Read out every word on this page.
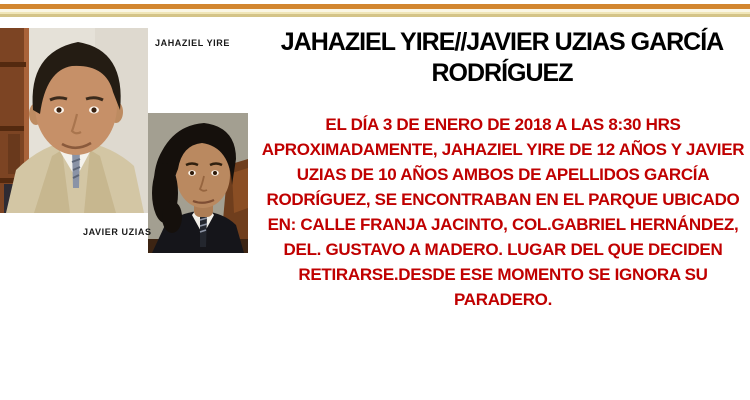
JAHAZIEL YIRE
JAVIER UZIAS
JAHAZIEL YIRE//JAVIER UZIAS GARCÍA
RODRÍGUEZ
EL DÍA 3 DE ENERO DE 2018 A LAS 8:30 HRS
APROXIMADAMENTE, JAHAZIEL YIRE DE 12 AÑOS Y JAVIER
UZIAS DE 10 AÑOS AMBOS DE APELLIDOS GARCÍA
RODRÍGUEZ, SE ENCONTRABAN EN EL PARQUE UBICADO
EN: CALLE FRANJA JACINTO, COL.GABRIEL HERNÁNDEZ,
DEL. GUSTAVO A MADERO. LUGAR DEL QUE DECIDEN
RETIRARSE.DESDE ESE MOMENTO SE IGNORA SU
PARADERO.
